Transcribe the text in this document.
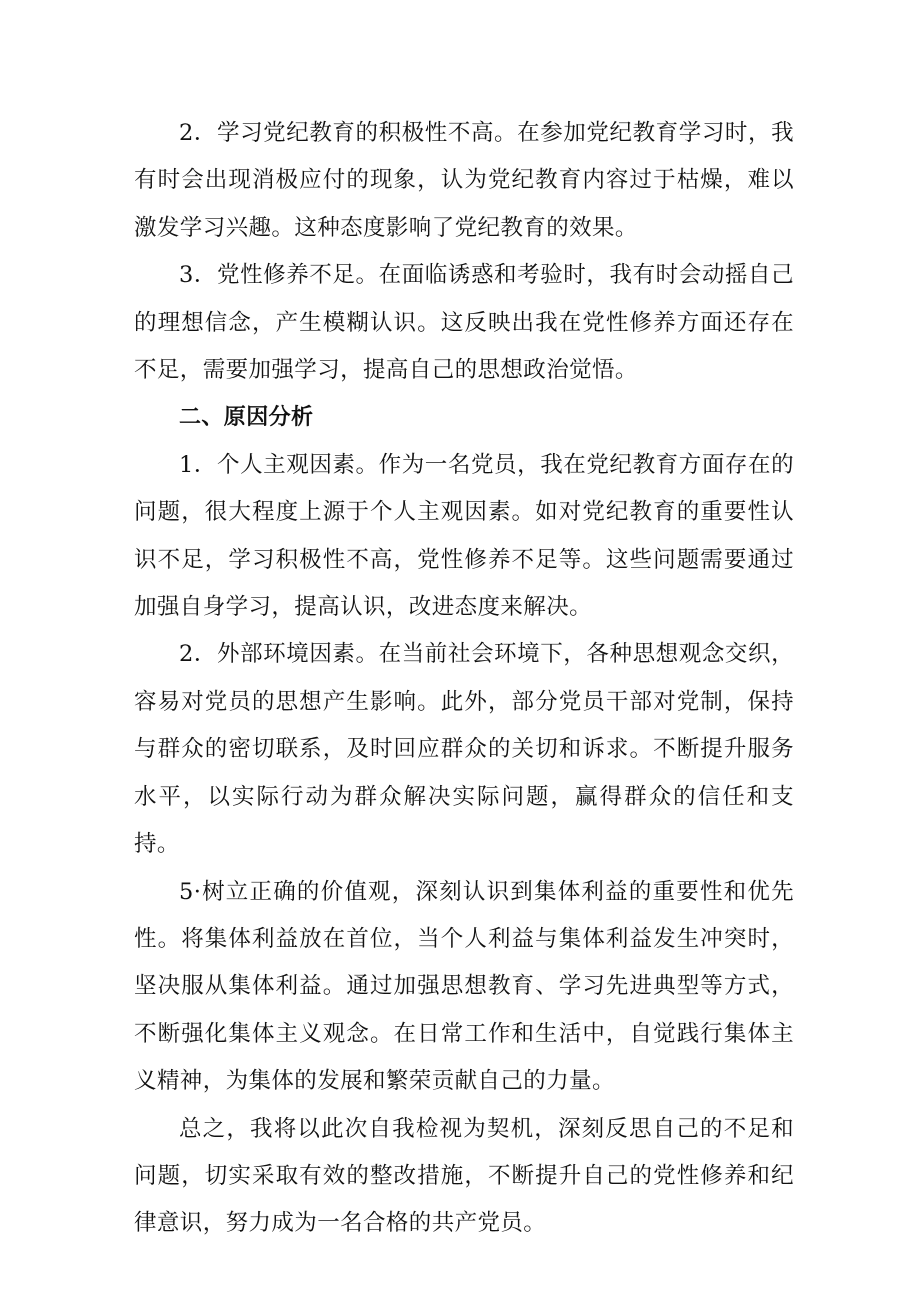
2．学习党纪教育的积极性不高。在参加党纪教育学习时，我有时会出现消极应付的现象，认为党纪教育内容过于枯燥，难以激发学习兴趣。这种态度影响了党纪教育的效果。

3．党性修养不足。在面临诱惑和考验时，我有时会动摇自己的理想信念，产生模糊认识。这反映出我在党性修养方面还存在不足，需要加强学习，提高自己的思想政治觉悟。

二、原因分析

1．个人主观因素。作为一名党员，我在党纪教育方面存在的问题，很大程度上源于个人主观因素。如对党纪教育的重要性认识不足，学习积极性不高，党性修养不足等。这些问题需要通过加强自身学习，提高认识，改进态度来解决。

2．外部环境因素。在当前社会环境下，各种思想观念交织，容易对党员的思想产生影响。此外，部分党员干部对党制，保持与群众的密切联系，及时回应群众的关切和诉求。不断提升服务水平，以实际行动为群众解决实际问题，赢得群众的信任和支持。

5·树立正确的价值观，深刻认识到集体利益的重要性和优先性。将集体利益放在首位，当个人利益与集体利益发生冲突时，坚决服从集体利益。通过加强思想教育、学习先进典型等方式，不断强化集体主义观念。在日常工作和生活中，自觉践行集体主义精神，为集体的发展和繁荣贡献自己的力量。

总之，我将以此次自我检视为契机，深刻反思自己的不足和问题，切实采取有效的整改措施，不断提升自己的党性修养和纪律意识，努力成为一名合格的共产党员。
